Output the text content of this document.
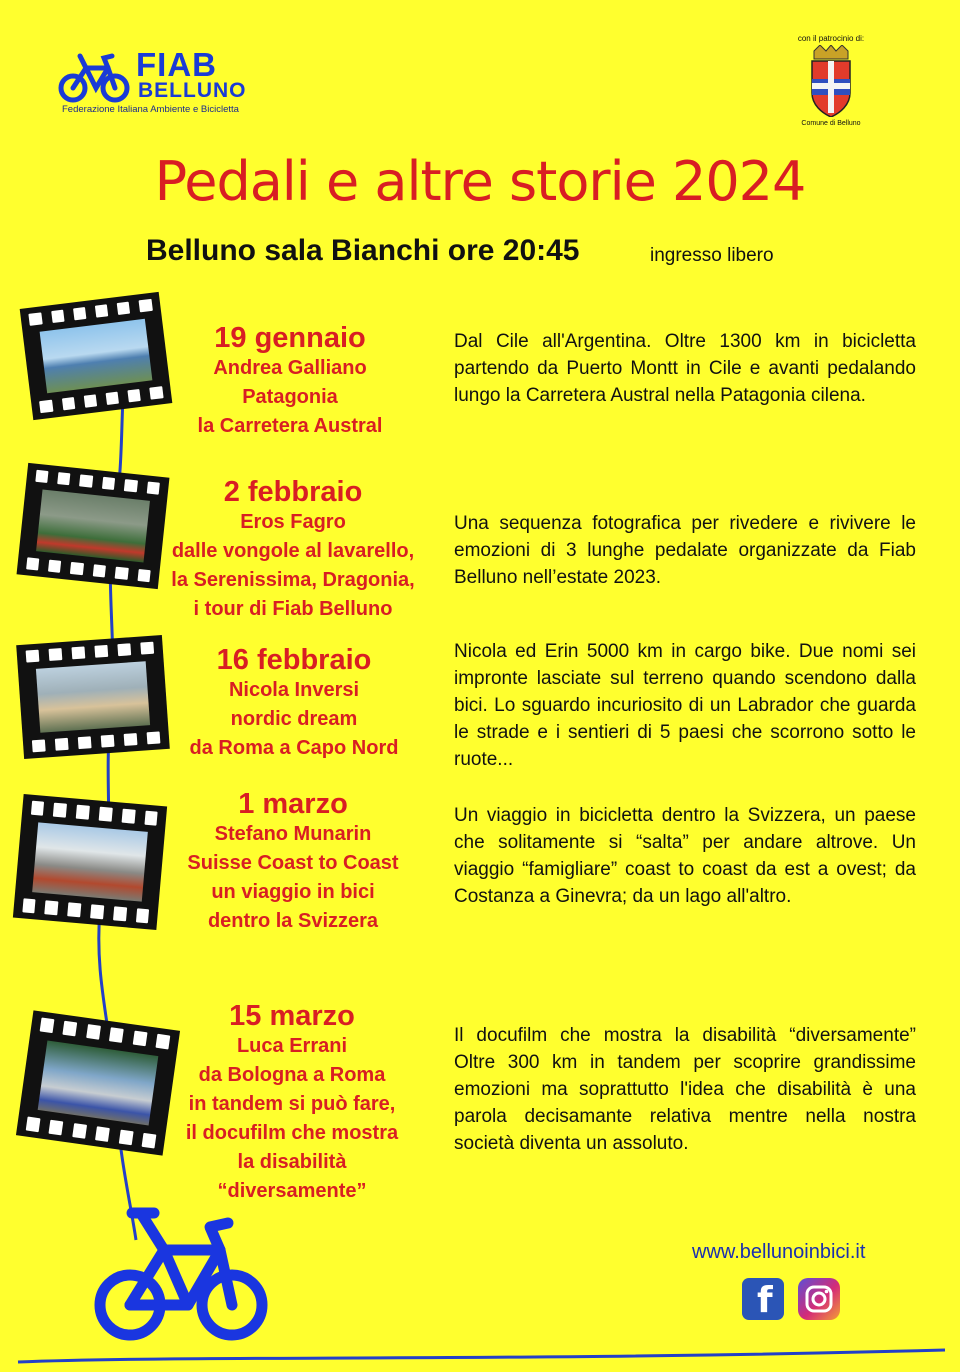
FIAB
BELLUNO
Federazione Italiana Ambiente e Bicicletta
con il patrocinio di:
Comune di Belluno
Pedali e altre storie 2024
Belluno sala Bianchi ore 20:45	ingresso libero
19 gennaio
Andrea Galliano
Patagonia
la Carretera Austral
Dal Cile all'Argentina. Oltre 1300 km in bicicletta partendo da Puerto Montt in Cile e avanti pedalando lungo la Carretera Austral nella Patagonia cilena.
2 febbraio
Eros Fagro
dalle vongole al lavarello,
la Serenissima, Dragonia,
i tour di Fiab Belluno
Una sequenza fotografica per rivedere e rivivere le emozioni di 3 lunghe pedalate organizzate da Fiab Belluno nell’estate 2023.
16 febbraio
Nicola Inversi
nordic dream
da Roma a Capo Nord
Nicola ed Erin 5000 km in cargo bike. Due nomi sei impronte lasciate sul terreno quando scendono dalla bici. Lo sguardo incuriosito di un Labrador che guarda le strade e i sentieri di 5 paesi che scorrono sotto le ruote...
1 marzo
Stefano Munarin
Suisse Coast to Coast
un viaggio in bici
dentro la Svizzera
Un viaggio in bicicletta dentro la Svizzera, un paese che solitamente si “salta” per andare altrove. Un viaggio “famigliare” coast to coast da est a ovest; da Costanza a Ginevra; da un lago all'altro.
15 marzo
Luca Errani
da Bologna a Roma
in tandem si può fare,
il docufilm che mostra
la disabilità
“diversamente”
Il docufilm che mostra la disabilità “diversamente” Oltre 300 km in tandem per scoprire grandissime emozioni ma soprattutto l'idea che disabilità è una parola decisamante relativa mentre nella nostra società diventa un assoluto.
www.bellunoinbici.it
f
